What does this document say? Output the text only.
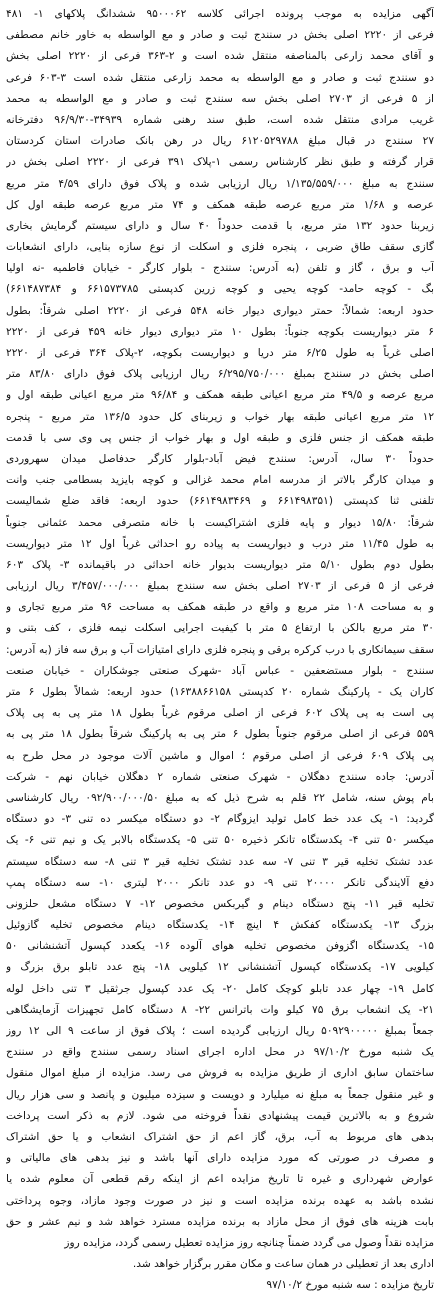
آگهی مزایده به موجب پرونده اجرائی کلاسه ۹۵۰۰۰۶۲ ششدانگ پلاکهای ۱- ۴۸۱
فرعی از ۲۲۲۰ اصلی بخش در سنندج ثبت و صادر و مع الواسطه به خاور خانم مصطفی
و آقای محمد زارعی بالمناصفه منتقل شده است و ۲-۳۶۳ فرعی از ۲۲۲۰ اصلی بخش
دو سنندج ثبت و صادر و مع الواسطه به محمد زارعی منتقل شده است ۳-۶۰۳ فرعی
از ۵ فرعی از ۲۷۰۳ اصلی بخش سه سنندج ثبت و صادر و مع الواسطه به محمد
غریب مرادی منتقل شده است، طبق سند رهنی شماره ۳۴۹۳۹-۹۶/۹/۳۰ دفترخانه
۲۷ سنندج در قبال مبلغ ۶۱۲۰۵۲۹۷۸۸ ریال در رهن بانک صادرات استان کردستان
قرار گرفته و طبق نظر کارشناس رسمی ۱-پلاک ۳۹۱ فرعی از ۲۲۲۰ اصلی بخش در
سنندج به مبلغ ۱/۱۳۵/۵۵۹/۰۰۰ ریال ارزیابی شده و پلاک فوق دارای ۴/۵۹ متر مربع
عرصه و ۱/۶۸ متر مربع عرصه طبقه همکف و ۷۴ متر مربع عرصه طبقه اول کل
زیربنا حدود ۱۳۲ متر مربع، با قدمت حدوداً ۴۰ سال و دارای سیستم گرمایش بخاری
گازی سقف طاق ضربی ، پنجره فلزی و اسکلت از نوع سازه بنایی، دارای انشعابات
آب و برق ، گاز و تلفن (به آدرس: سنندج - بلوار کارگر - خیابان فاطمیه -نه اولیا
بگ - کوچه حامد- کوچه یحیی و کوچه زرین کدپستی ۶۶۱۵۷۳۷۸۵ و ۶۶۱۴۸۷۳۸۴)
حدود اربعه: شمالاً: حمتر دیواری دیوار خانه ۵۴۸ فرعی از ۲۲۲۰ اصلی شرقاً: بطول
۶ متر دیواریست بکوچه جنوباً: بطول ۱۰ متر دیواری دیوار خانه ۴۵۹ فرعی از ۲۲۲۰
اصلی غرباً به طول ۶/۲۵ متر دریا و دیواریست بکوچه، ۲-پلاک ۳۶۴ فرعی از ۲۲۲۰
اصلی بخش در سنندج بمبلغ ۶/۲۹۵/۷۵۰/۰۰۰ ریال ارزیابی پلاک فوق دارای ۸۳/۸۰ متر
مربع عرصه و ۴۹/۵ متر مربع اعیانی طبقه همکف و ۹۶/۸۴ متر مربع اعیانی طبقه اول و
۱۲ متر مربع اعیانی طبقه بهار خواب و زیربنای کل حدود ۱۳۶/۵ متر مربع - پنجره
طبقه همکف از جنس فلزی و طبقه اول و بهار خواب از جنس پی وی سی با قدمت
حدوداً ۳۰ سال، آدرس: سنندج فیض آباد-بلوار کارگر حدفاصل میدان سهروردی
و میدان کارگر بالاتر از مدرسه امام محمد غزالی و کوچه بایزید بسطامی جنب وانت
تلفنی ثنا کدپستی (۶۶۱۴۹۸۳۵۱ و ۶۶۱۴۹۸۳۴۶۹) حدود اربعه: فاقد ضلع شمالیست
شرقاً: ۱۵/۸۰ دیوار و پایه فلزی اشتراکیست با خانه متصرفی محمد عثمانی جنوباً
به طول ۱۱/۴۵ متر درب و دیواریست به پیاده رو احداثی غرباً اول ۱۲ متر دیواریست
بطول دوم بطول ۵/۱۰ متر دیواریست بدیوار خانه احداثی در باقیمانده ۳- پلاک ۶۰۳
فرعی از ۵ فرعی از ۲۷۰۳ اصلی بخش سه سنندج بمبلغ ۳/۴۵۷/۰۰۰/۰۰۰ ریال ارزیابی
و به مساحت ۱۰۸ متر مربع و واقع در طبقه همکف به مساحت ۹۶ متر مربع تجاری و
۳۰ متر مربع بالکن با ارتفاع ۵ متر با کیفیت اجرایی اسکلت نیمه فلزی ، کف بتنی و
سقف سیمانکاری با درب کرکره برقی و پنجره فلزی دارای امتیازات آب و برق سه فاز (به آدرس:
سنندج - بلوار مستضعفین - عباس آباد -شهرک صنعتی جوشکاران - خیابان صنعت
کاران یک - پارکینگ شماره ۲۰ کدپستی ۱۶۳۸۸۶۶۱۵۸) حدود اربعه: شمالاً بطول ۶ متر
پی است به پی پلاک ۶۰۲ فرعی از اصلی مرقوم غرباً بطول ۱۸ متر پی به پی پلاک
۵۵۹ فرعی از اصلی مرقوم جنوباً بطول ۶ متر پی به پارکینگ شرقاً بطول ۱۸ متر پی به
پی پلاک ۶۰۹ فرعی از اصلی مرقوم ؛ اموال و ماشین آلات موجود در محل طرح به
آدرس: جاده سنندج دهگلان - شهرک صنعتی شماره ۲ دهگلان خیابان نهم - شرکت
بام پوش سنه، شامل ۲۲ قلم به شرح ذیل که به مبلغ ۰۹۲/۹۰۰/۰۰۰/۵۰ ریال کارشناسی
گردید: ۱- یک عدد خط کامل تولید ایزوگام ۲- دو دستگاه میکسر ده تنی ۳- دو دستگاه
میکسر ۵۰ تنی ۴- یکدستگاه تانکر ذخیره ۵۰ تنی ۵- یکدستگاه بالابر یک و نیم تنی ۶- یک
عدد تشتک تخلیه قیر ۳ تنی ۷- سه عدد تشتک تخلیه قیر ۳ تنی ۸- سه دستگاه سیستم
دفع آلایندگی تانکر ۲۰۰۰۰ تنی ۹- دو عدد تانکر ۲۰۰۰ لیتری ۱۰- سه دستگاه پمپ
تخلیه قیر ۱۱- پنج دستگاه دینام و گیربکس مخصوص ۱۲- ۷ دستگاه مشعل حلزونی
بزرگ ۱۳- یکدستگاه کفکش ۴ اینچ ۱۴- یکدستگاه دینام مخصوص تخلیه گازوئیل
۱۵- یکدستگاه اگزوفن مخصوص تخلیه هوای آلوده ۱۶- یکعدد کپسول آتشنشانی ۵۰
کیلویی ۱۷- یکدستگاه کپسول آتشنشانی ۱۲ کیلویی ۱۸- پنج عدد تابلو برق بزرگ و
کامل ۱۹- چهار عدد تابلو کوچک کامل ۲۰- یک عدد کپسول جرثقیل ۳ تنی داخل لوله
۲۱- یک انشعاب برق ۷۵ کیلو وات باترانس ۲۲- ۸ دستگاه کامل تجهیزات آزمایشگاهی
جمعاً بمبلغ ۵۰۹۲۹۰۰۰۰۰ ریال ارزیابی گردیده است ؛ پلاک فوق از ساعت ۹ الی ۱۲ روز
یک شنبه مورخ ۹۷/۱۰/۲ در محل اداره اجرای اسناد رسمی سنندج واقع در سنندج
ساختمان سابق اداری از طریق مزایده به فروش می رسد. مزایده از مبلغ اموال منقول
و غیر منقول جمعاً به مبلغ نه میلیارد و دویست و سیزده میلیون و پانصد و سی هزار ریال
شروع و به بالاترین قیمت پیشنهادی نقداً فروخته می شود. لازم به ذکر است پرداخت
بدهی های مربوط به آب، برق، گاز اعم از حق اشتراک انشعاب و یا حق اشتراک
و مصرف در صورتی که مورد مزایده دارای آنها باشد و نیز بدهی های مالیاتی و
عوارض شهرداری و غیره تا تاریخ مزایده اعم از اینکه رقم قطعی آن معلوم شده یا
نشده باشد به عهده برنده مزایده است و نیز در صورت وجود مازاد، وجوه پرداختی
بابت هزینه های فوق از محل مازاد به برنده مزایده مسترد خواهد شد و نیم عشر و حق
مزایده نقداً وصول می گردد ضمناً چنانچه روز مزایده تعطیل رسمی گردد، مزایده روز
اداری بعد از تعطیلی در همان ساعت و مکان مقرر برگزار خواهد شد.
تاریخ مزایده : سه شنبه مورخ ۹۷/۱۰/۲
